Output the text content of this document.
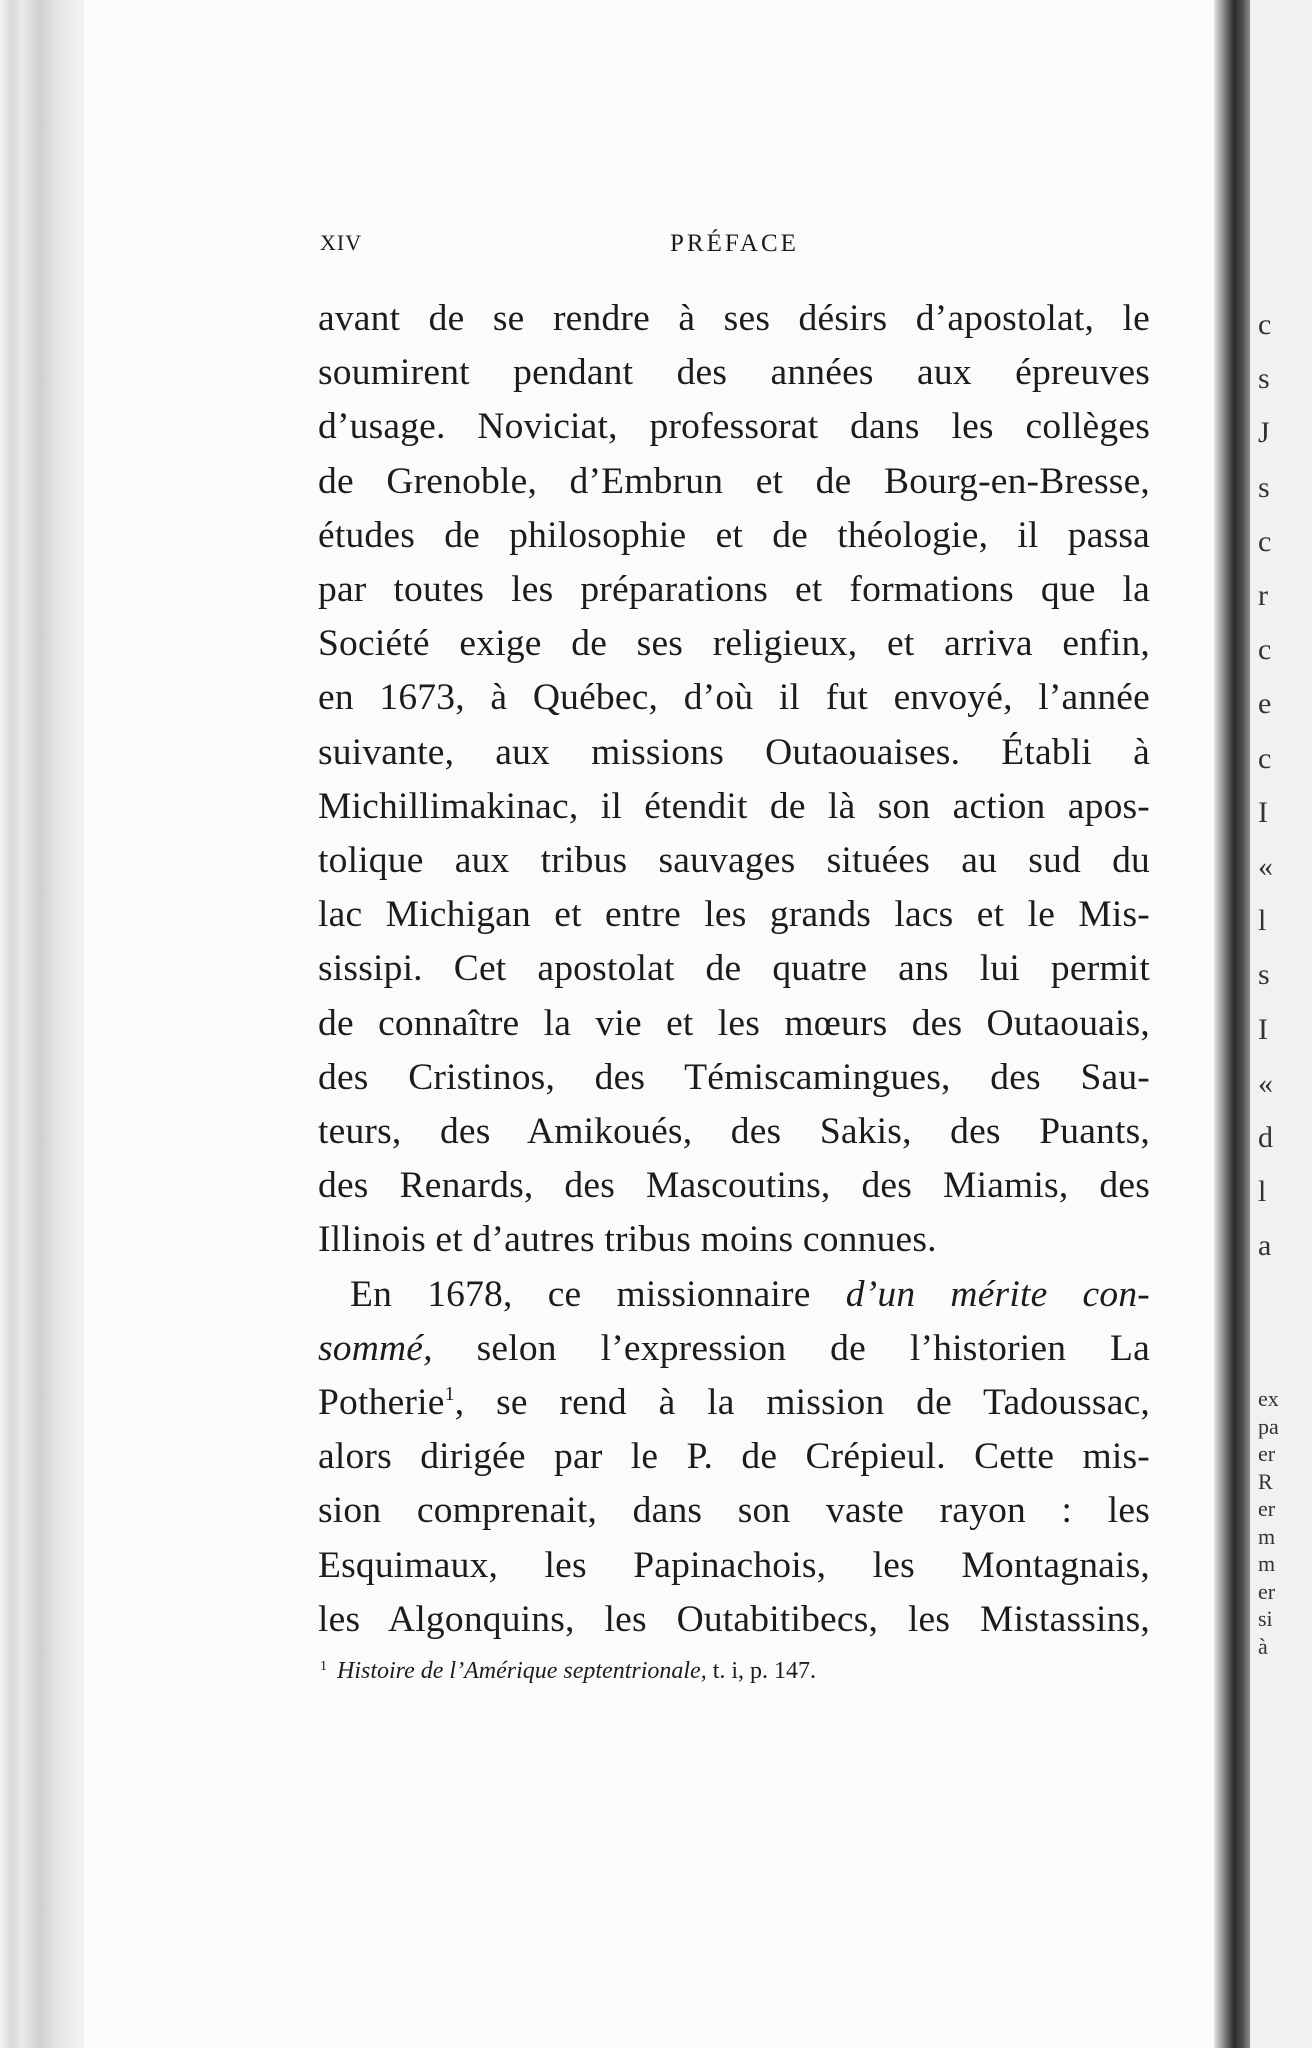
XIV	PRÉFACE
avant de se rendre à ses désirs d’apostolat, le
soumirent pendant des années aux épreuves
d’usage. Noviciat, professorat dans les collèges
de Grenoble, d’Embrun et de Bourg-en-Bresse,
études de philosophie et de théologie, il passa
par toutes les préparations et formations que la
Société exige de ses religieux, et arriva enfin,
en 1673, à Québec, d’où il fut envoyé, l’année
suivante, aux missions Outaouaises. Établi à
Michillimakinac, il étendit de là son action apos-
tolique aux tribus sauvages situées au sud du
lac Michigan et entre les grands lacs et le Mis-
sissipi. Cet apostolat de quatre ans lui permit
de connaître la vie et les mœurs des Outaouais,
des Cristinos, des Témiscamingues, des Sau-
teurs, des Amikoués, des Sakis, des Puants,
des Renards, des Mascoutins, des Miamis, des
Illinois et d’autres tribus moins connues.
En 1678, ce missionnaire d’un mérite con-
sommé, selon l’expression de l’historien La
Potherie$^1$, se rend à la mission de Tadoussac,
alors dirigée par le P. de Crépieul. Cette mis-
sion comprenait, dans son vaste rayon : les
Esquimaux, les Papinachois, les Montagnais,
les Algonquins, les Outabitibecs, les Mistassins,
$^1$ Histoire de l’Amérique septentrionale, t. i, p. 147.
c
s
J
s
c
r
c
e
c
I
«
l
s
I
«
d
l
a
ex
pa
er
R
er
m
m
er
si
à
